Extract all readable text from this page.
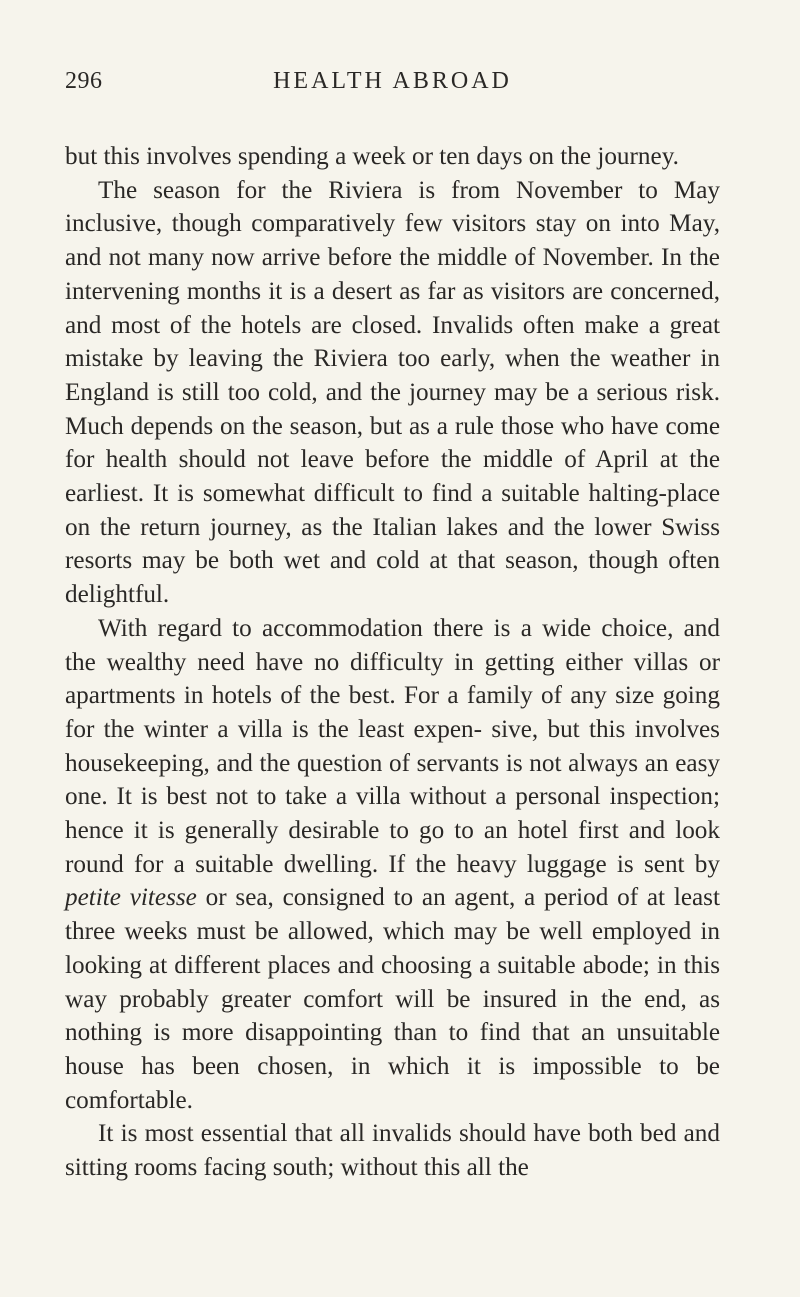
296	HEALTH ABROAD

but this involves spending a week or ten days on the journey.

The season for the Riviera is from November to May inclusive, though comparatively few visitors stay on into May, and not many now arrive before the middle of November. In the intervening months it is a desert as far as visitors are concerned, and most of the hotels are closed. Invalids often make a great mistake by leaving the Riviera too early, when the weather in England is still too cold, and the journey may be a serious risk. Much depends on the season, but as a rule those who have come for health should not leave before the middle of April at the earliest. It is somewhat difficult to find a suitable halting-place on the return journey, as the Italian lakes and the lower Swiss resorts may be both wet and cold at that season, though often delightful.

With regard to accommodation there is a wide choice, and the wealthy need have no difficulty in getting either villas or apartments in hotels of the best. For a family of any size going for the winter a villa is the least expen- sive, but this involves housekeeping, and the question of servants is not always an easy one. It is best not to take a villa without a personal inspection; hence it is generally desirable to go to an hotel first and look round for a suitable dwelling. If the heavy luggage is sent by petite vitesse or sea, consigned to an agent, a period of at least three weeks must be allowed, which may be well employed in looking at different places and choosing a suitable abode; in this way probably greater comfort will be insured in the end, as nothing is more disappointing than to find that an unsuitable house has been chosen, in which it is impossible to be comfortable.

It is most essential that all invalids should have both bed and sitting rooms facing south; without this all the
